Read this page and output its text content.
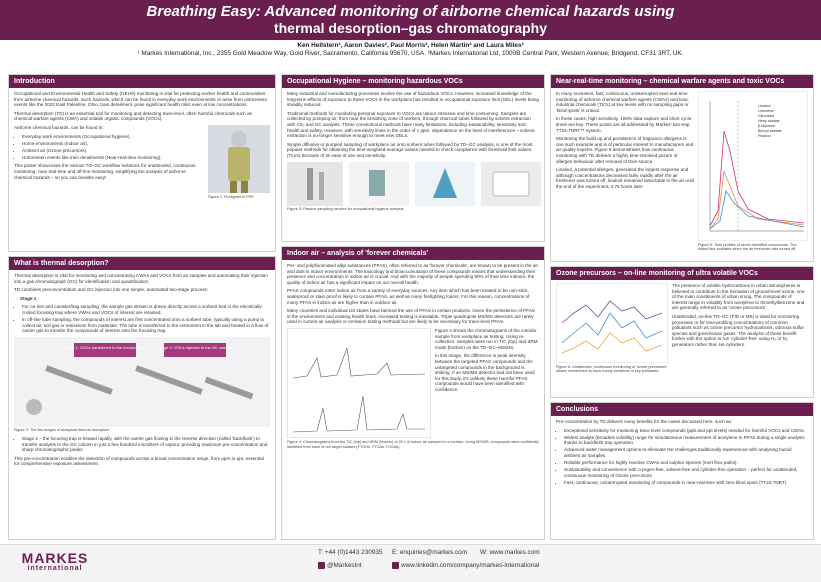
Breathing Easy: Advanced monitoring of airborne chemical hazards using
thermal desorption–gas chromatography
Ken Hellstern¹, Aaron Davies², Paul Morris², Helen Martin² and Laura Miles²
¹ Markes International, Inc., 2355 Gold Meadow Way, Gold River, Sacramento, California 95670, USA. ²Markes International Ltd, 1000B Central Park, Western Avenue, Bridgend, CF31 3RT, UK.
Introduction

Occupational and Environmental Health and Safety (OEHS) monitoring is vital for protecting worker health and communities from airborne chemical hazards. Such hazards, which can be found in everyday work environments or arise from unforeseen events like the 2023 East Palestine, Ohio, train derailment, pose significant health risks even at low concentrations.

Thermal desorption (TD) is an essential tool for monitoring and detecting trace-level, often harmful chemicals such as chemical warfare agents (CWA) and volatile organic compounds (VOCs).

Airborne chemical hazards, can be found in:

• Everyday work environments (Occupational hygiene).
• Home environments (Indoor air).
• Ambient air (Ozone precursors).
• Unforeseen events like train derailments (Near-real-time monitoring).

This poster showcases the various TD–GC workflow solutions for unattended, continuous monitoring, near real-time and off-line monitoring, simplifying the analysis of airborne chemical hazards – so you can breathe easy!

Figure 1: Firefighter in PPE
What is thermal desorption?

Thermal desorption is vital for monitoring and concentrating CWAs and VOCs from air samples and automating their injection into a gas chromatograph (GC) for identification and quantification.

TD combines preconcentration and GC injection into one simple, automated two-stage process:

Stage 1

• For on-line and canister/bag sampling, the sample gas stream is drawn directly across a sorbent bed in the electrically-cooled focusing trap where VWAs and VOCs of interest are retained.
• In off-line tube sampling, the compounds of interest are first concentrated onto a sorbent tube, typically using a pump to collect air, soil gas or emissions from materials. The tube is transferred to the instrument in the lab and heated in a flow of carrier gas to transfer the compounds of interest onto the focusing trap.
Stage 1: VOCs transferred to the focusing trap	Stage 2: VOCs injected to the GC column
Figure 2: The two stages of analytical thermal desorption
• Stage 2 – the focusing trap is heated rapidly, with the carrier gas flowing in the reverse direction (called 'backflush') to transfer analytes to the GC column in just a few hundred microliters of vapour, providing maximum pre-concentration and sharp chromatographic peaks.

This pre-concentration enables the detection of compounds across a broad concentration range, from ppm to ppt, essential for comprehensive exposure assessment.

Occupational Hygiene – monitoring hazardous VOCs

Many industrial and manufacturing processes involve the use of hazardous VOCs. However, increased knowledge of the long-term effects of exposure to these VOCs in the workplace has resulted in occupational exposure limit (OEL) levels being steadily reduced.

Traditional methods for monitoring personal exposure to VOCs are labour intensive and time consuming. Samples are collected by pumping air, from near the breathing zone of workers, through charcoal tubes followed by solvent extraction with CS₂ and GC analysis. These conventional methods have many limitations, including sustainability, sensitivity and health and safety. However, with sensitivity limits in the order of 1 ppm, dependence on the level of interferences – solvent extraction is no-longer sensitive enough to meet new OELs.

Simple diffusive or pumped sampling of workplace air onto sorbent tubes followed by TD–GC analysis, is one of the most popular methods for obtaining the time-weighted-average values needed to check compliance with threshold limit values (TLVs) because of its ease of use and sensitivity.

Figure 3: Passive sampling devices for occupational hygiene analysis
Indoor air – analysis of 'forever chemicals'

Per- and polyfluorinated alkyl substances (PFAS), often referred to as 'forever chemicals', are known to be present in the air and dust in indoor environments. The toxicology and bioaccumulation of these compounds means that understanding their presence and concentration in indoor air is crucial. And with the majority of people spending 90% of their time indoors, the quality of indoor air has a significant impact on our overall health.

PFAS compounds enter indoor air from a variety of everyday sources. Any item which has been treated to be non-stick, waterproof or stain proof is likely to contain PFAS, as well as many firefighting foams. For this reason, concentrations of many PFAS in indoor air are higher than in outdoor air.

Many countries and individual US states have banned the use of PFAS in certain products. Given the persistence of PFAS in the environment and existing health fears, increased testing is inevitable. Triple quadrupole MS/MS detectors are rarely used in current air analysis or emission testing methods but are likely to be necessary for trace-level PFAS.

Figure 4 shows the chromatograms of the corridor sample from workplace air testing. Using re-collection, samples were run in TIC (top) and SRM mode (bottom) on the TD–GC–MS/MS.

In this image, the difference in peak intensity between the targeted PFAS compounds and the untargeted compounds in the background is striking. If an MS/MS detector had not been used for this study, it's unlikely these harmful PFAS compounds would have been identified with confidence.

Figure 4: Chromatograms from the TIC (top) and SRM (bottom) of 20 L of indoor air sampled in a corridor. Using MS/MS, compounds were confidently identified from each of our target classes (FTOHs, FTOAs, FOSAs).
Near-real-time monitoring – chemical warfare agents and toxic VOCs

In many scenarios, fast, continuous, uninterrupted near-real-time monitoring of airborne chemical warfare agents (CWAs) and toxic industrial chemicals (TICs) at low levels with no sampling gaps or 'blind-spots' is critical.

In these cases, high sensitivity, 100% data-capture and short cycle times are key. These points are all addressed by Markes' two-trap TT24-7NRT™ system.

Monitoring the build up and persistence of fragrance allergens is one such example and is of particular interest to manufacturers and air quality experts. Figure 5 demonstrates how continuous monitoring with TD delivers a highly time-resolved picture of allergen behaviour after removal of their source.

Linalool, a potential allergen, generated the largest response and although concentrations decreased fairly rapidly after the air freshener was turned off, linalool remained detectable in the air until the end of the experiment, 4.75 hours later.

Linalool
Limonene
Citronellol
Hexyl acetate
β-Myrcene
Benzyl acetate
Pinalcol
Figure 5: Time profiles of seven identified compounds. The dotted line indicates when the air freshener was turned off
Ozone precursors – on-line monitoring of ultra volatile VOCs
Figure 6: Unattended, continuous monitoring of 'ozone precursors' allows researchers to track hourly variations in key pollutants.

The presence of volatile hydrocarbons in urban atmospheres is believed to contribute to the formation of ground-level ozone, one of the main constituents of urban smog. The compounds of interest range in volatility from acetylene to trimethylbenzene and are generally referred to as 'ozone precursors'.

Unattended, on-line TD–GC (FID or MS) is ideal for monitoring processes or for time-profiling concentrations of common pollutants such as ozone precursor hydrocarbons, odorous sulfur species and greenhouse gases. The analysis of these benefit further with the option to run 'cylinder-free' using H₂ or N₂ generators rather than He cylinders.

Conclusions

Pre-concentration by TD delivers many benefits for the cases discussed here, such as:

• Exceptional sensitivity for measuring trace level compounds (ppb and ppt levels) needed for harmful VOCs and CWAs.
• Widest analyte (broadest volatility) range for simultaneous measurement of acetylene to PFAS during a single analysis thanks to backflush trap operation.
• Advanced water management options to eliminate the challenges traditionally experienced with analysing humid ambient air samples.
• Reliable performance for highly reactive CWAs and sulphur species (inert flow paths).
• Sustainability and convenience with cryogen-free, solvent-free and cylinder-free operation – perfect for unattended, continuous monitoring of Ozone precursors.
• Fast, continuous, uninterrupted monitoring of compounds in near-real-time with zero blind spots (TT24-7NRT).
MARKES
international
T: +44 (0)1443 230935 E: enquiries@markes.com W: www.markes.com
@MarkesInt	www.linkedin.com/company/markes-international
